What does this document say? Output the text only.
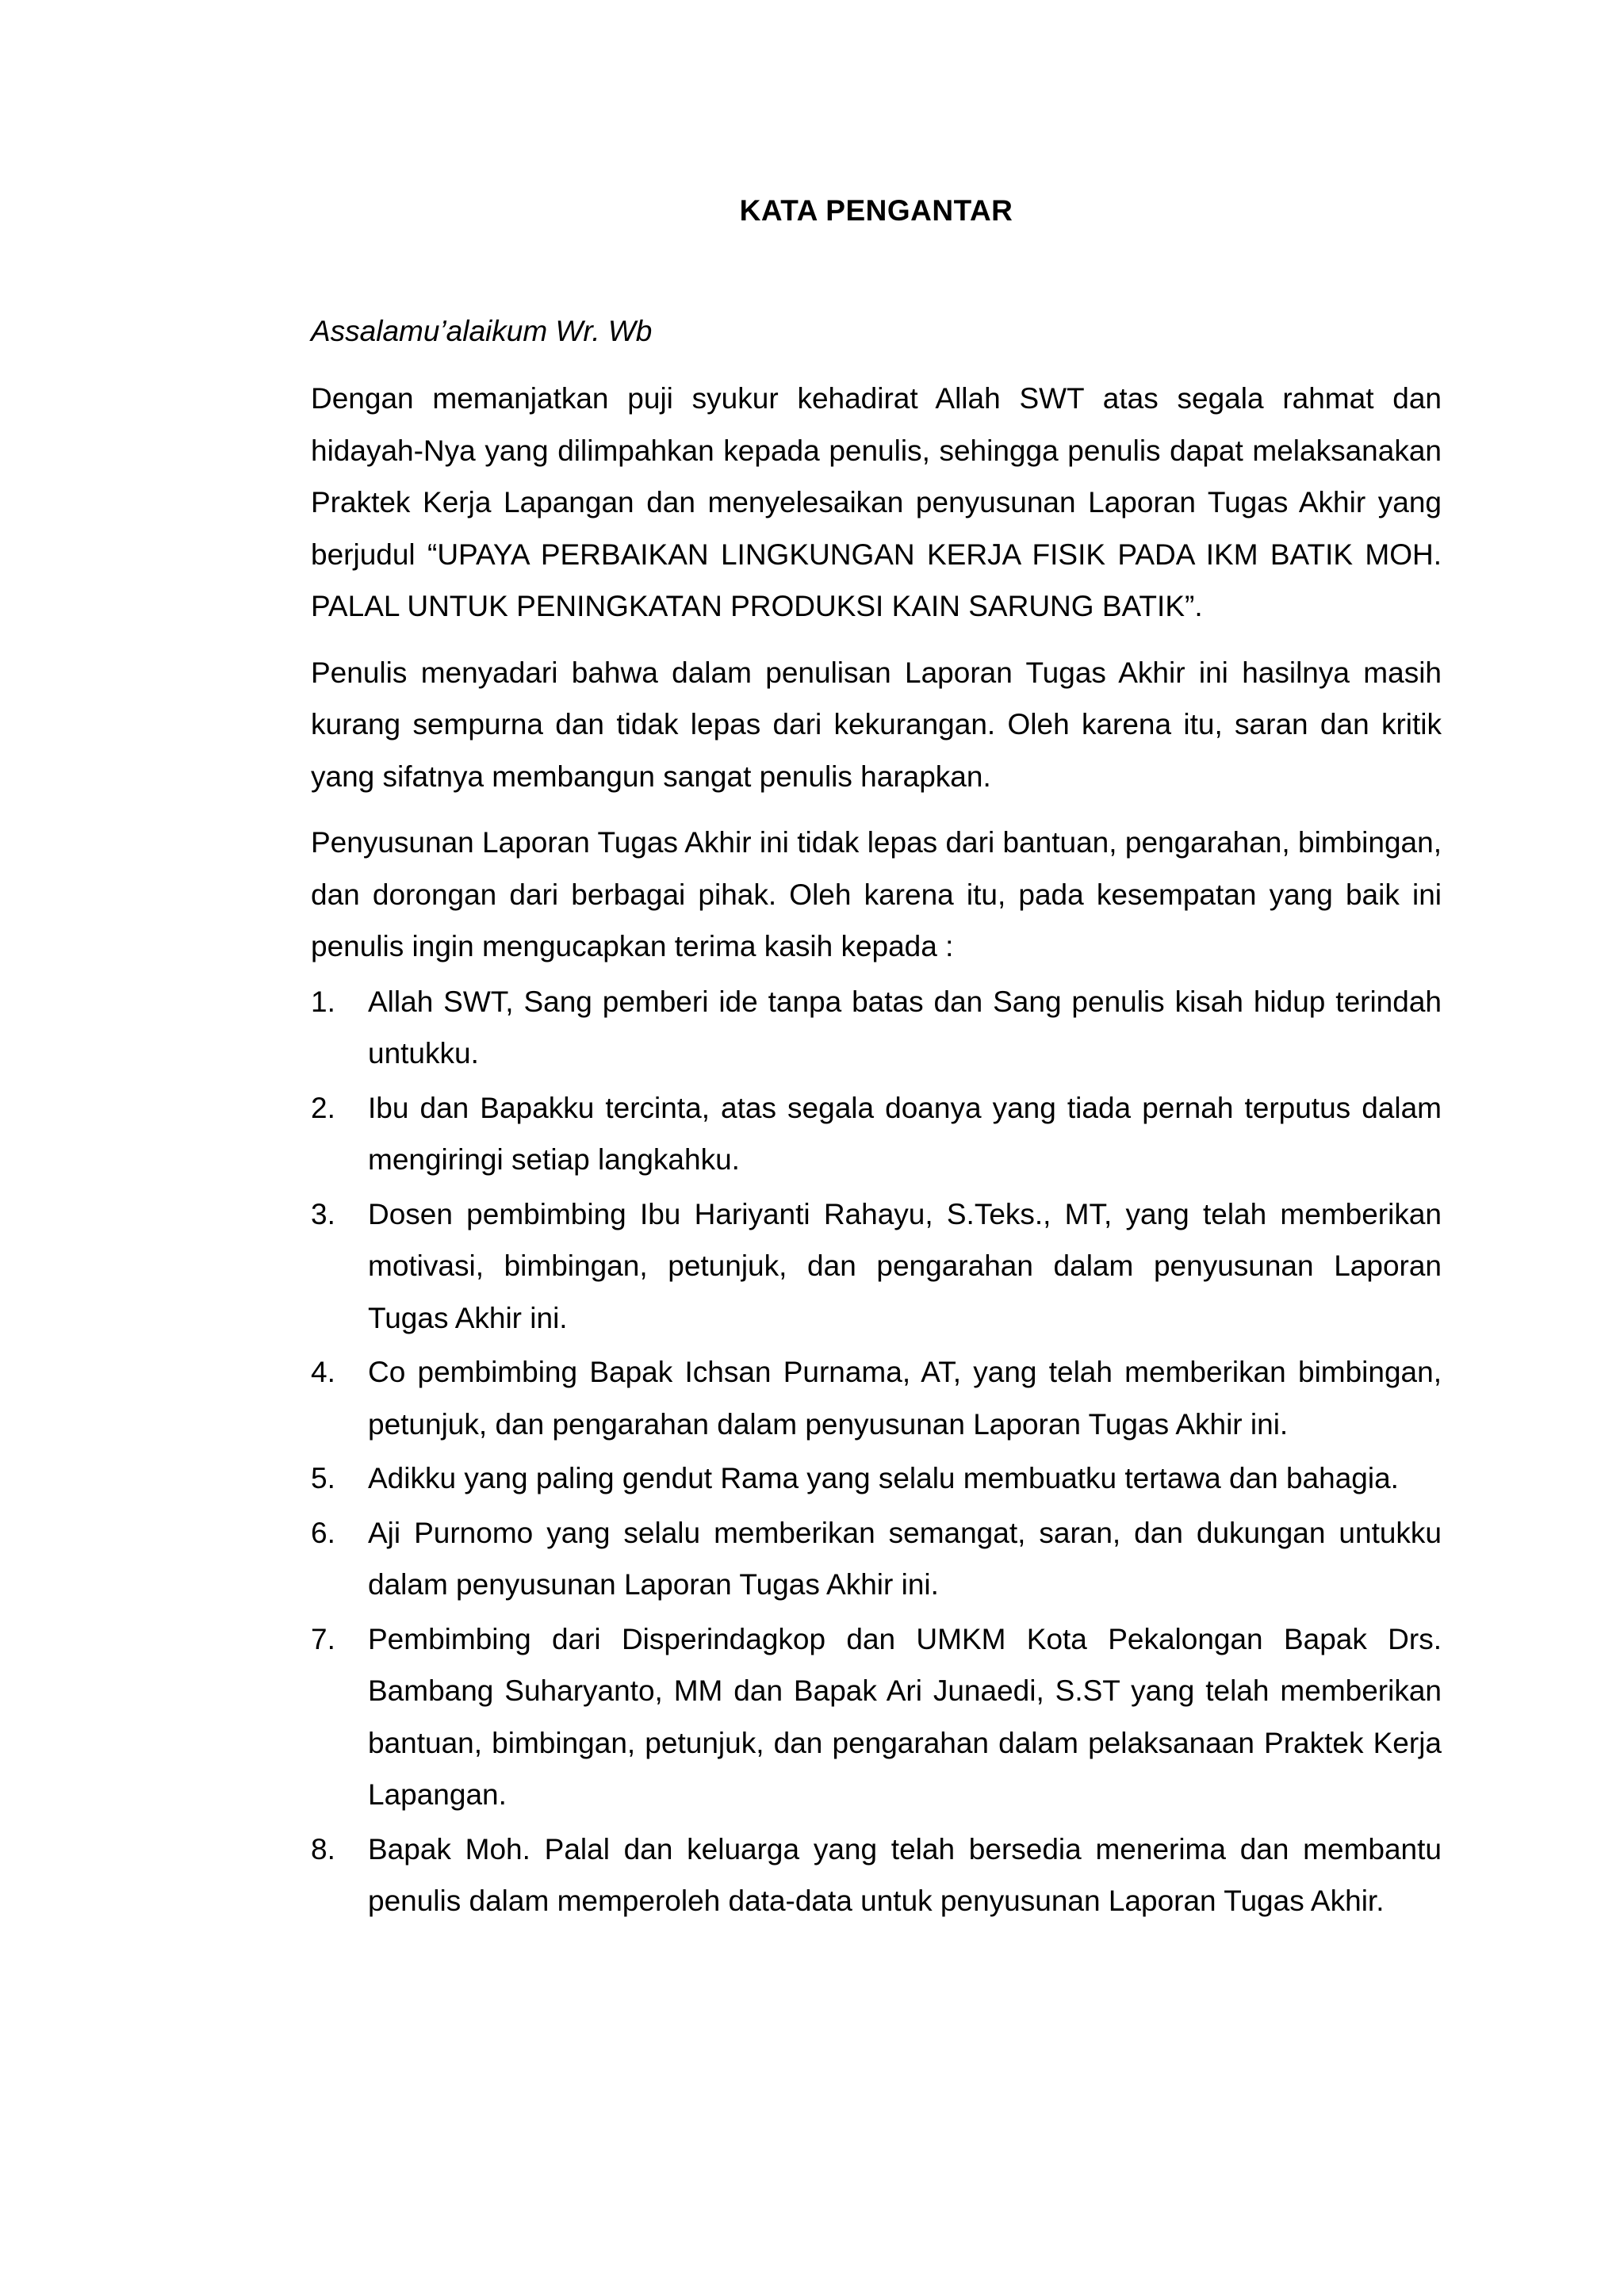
KATA PENGANTAR

Assalamu’alaikum Wr. Wb

Dengan memanjatkan puji syukur kehadirat Allah SWT atas segala rahmat dan hidayah-Nya yang dilimpahkan kepada penulis, sehingga penulis dapat melaksanakan Praktek Kerja Lapangan dan menyelesaikan penyusunan Laporan Tugas Akhir yang berjudul “UPAYA PERBAIKAN LINGKUNGAN KERJA FISIK PADA IKM BATIK MOH. PALAL UNTUK PENINGKATAN PRODUKSI KAIN SARUNG BATIK”.

Penulis menyadari bahwa dalam penulisan Laporan Tugas Akhir ini hasilnya masih kurang sempurna dan tidak lepas dari kekurangan. Oleh karena itu, saran dan kritik yang sifatnya membangun sangat penulis harapkan.

Penyusunan Laporan Tugas Akhir ini tidak lepas dari bantuan, pengarahan, bimbingan, dan dorongan dari berbagai pihak. Oleh karena itu, pada kesempatan yang baik ini penulis ingin mengucapkan terima kasih kepada :

1.	Allah SWT, Sang pemberi ide tanpa batas dan Sang penulis kisah hidup terindah untukku.
2.	Ibu dan Bapakku tercinta, atas segala doanya yang tiada pernah terputus dalam mengiringi setiap langkahku.
3.	Dosen pembimbing Ibu Hariyanti Rahayu, S.Teks., MT, yang telah memberikan motivasi, bimbingan, petunjuk, dan pengarahan dalam penyusunan Laporan Tugas Akhir ini.
4.	Co pembimbing Bapak Ichsan Purnama, AT, yang telah memberikan bimbingan, petunjuk, dan pengarahan dalam penyusunan Laporan Tugas Akhir ini.
5.	Adikku yang paling gendut Rama yang selalu membuatku tertawa dan bahagia.
6.	Aji Purnomo yang selalu memberikan semangat, saran, dan dukungan untukku dalam penyusunan Laporan Tugas Akhir ini.
7.	Pembimbing dari Disperindagkop dan UMKM Kota Pekalongan Bapak Drs. Bambang Suharyanto, MM dan Bapak Ari Junaedi, S.ST yang telah memberikan bantuan, bimbingan, petunjuk, dan pengarahan dalam pelaksanaan Praktek Kerja Lapangan.
8.	Bapak Moh. Palal dan keluarga yang telah bersedia menerima dan membantu penulis dalam memperoleh data-data untuk penyusunan Laporan Tugas Akhir.
